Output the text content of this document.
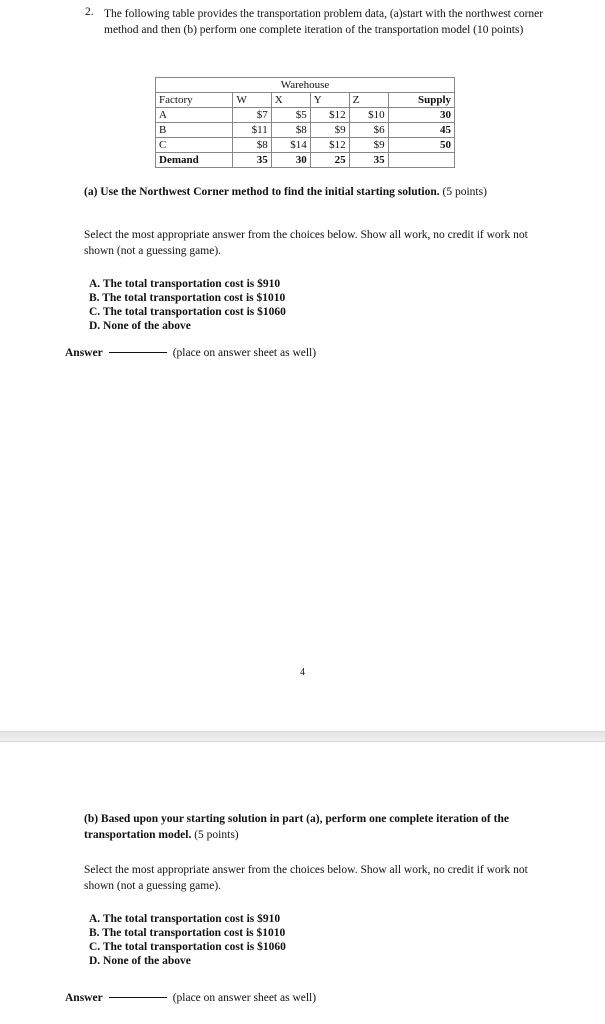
2. The following table provides the transportation problem data, (a)start with the northwest corner method and then (b) perform one complete iteration of the transportation model (10 points)
Warehouse					
Factory	W	X	Y	Z	Supply
A	$7	$5	$12	$10	30
B	$11	$8	$9	$6	45
C	$8	$14	$12	$9	50
Demand	35	30	25	35	
(a) Use the Northwest Corner method to find the initial starting solution. (5 points)
Select the most appropriate answer from the choices below. Show all work, no credit if work not shown (not a guessing game).
A. The total transportation cost is $910
B. The total transportation cost is $1010
C. The total transportation cost is $1060
D. None of the above
Answer	(place on answer sheet as well)
4
(b) Based upon your starting solution in part (a), perform one complete iteration of the transportation model. (5 points)
Select the most appropriate answer from the choices below. Show all work, no credit if work not shown (not a guessing game).
A. The total transportation cost is $910
B. The total transportation cost is $1010
C. The total transportation cost is $1060
D. None of the above
Answer	(place on answer sheet as well)
